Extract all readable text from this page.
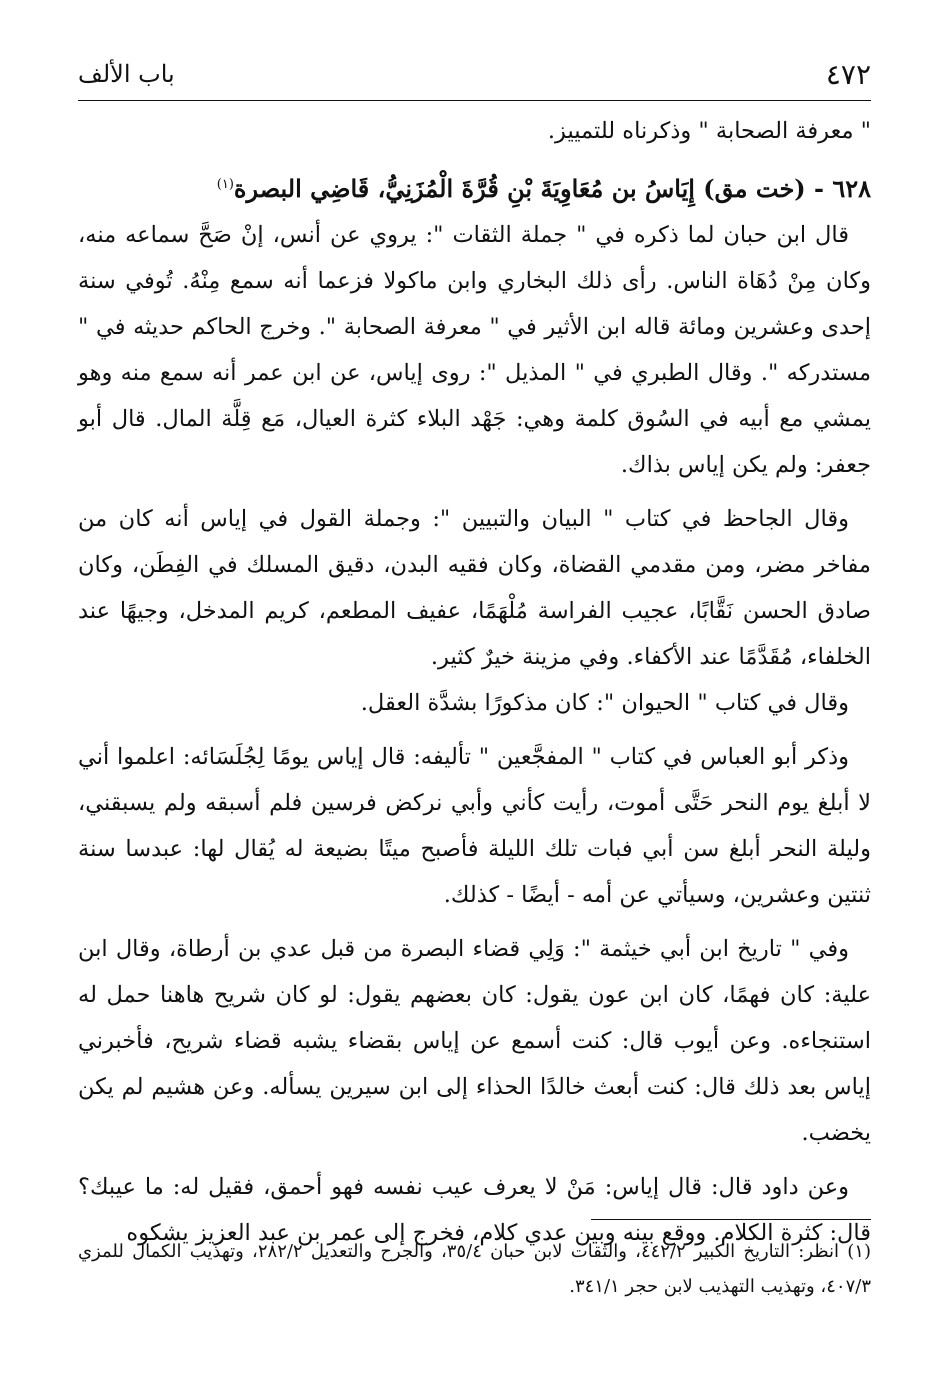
٤٧٢
باب الألف

" معرفة الصحابة " وذكرناه للتمييز.

٦٢٨ - (خت مق) إِيَاسُ بن مُعَاوِيَةَ بْنِ قُرَّةَ الْمُزَنِيُّ، قَاضِي البصرة$^{(١)}$

قال ابن حبان لما ذكره في " جملة الثقات ": يروي عن أنس، إنْ صَحَّ سماعه منه، وكان مِنْ دُهَاة الناس. رأى ذلك البخاري وابن ماكولا فزعما أنه سمع مِنْهُ. تُوفي سنة إحدى وعشرين ومائة قاله ابن الأثير في " معرفة الصحابة ". وخرج الحاكم حديثه في " مستدركه ". وقال الطبري في " المذيل ": روى إياس، عن ابن عمر أنه سمع منه وهو يمشي مع أبيه في السُوق كلمة وهي: جَهْد البلاء كثرة العيال، مَع قِلَّة المال. قال أبو جعفر: ولم يكن إياس بذاك.

وقال الجاحظ في كتاب " البيان والتبيين ": وجملة القول في إياس أنه كان من مفاخر مضر، ومن مقدمي القضاة، وكان فقيه البدن، دقيق المسلك في الفِطَن، وكان صادق الحسن نَقَّابًا، عجيب الفراسة مُلْهَمًا، عفيف المطعم، كريم المدخل، وجيهًا عند الخلفاء، مُقَدَّمًا عند الأكفاء. وفي مزينة خيرٌ كثير.

وقال في كتاب " الحيوان ": كان مذكورًا بشدَّة العقل.

وذكر أبو العباس في كتاب " المفجَّعين " تأليفه: قال إياس يومًا لِجُلَسَائه: اعلموا أني لا أبلغ يوم النحر حَتَّى أموت، رأيت كأني وأبي نركض فرسين فلم أسبقه ولم يسبقني، وليلة النحر أبلغ سن أبي فبات تلك الليلة فأصبح ميتًا بضيعة له يُقال لها: عبدسا سنة ثنتين وعشرين، وسيأتي عن أمه - أيضًا - كذلك.

وفي " تاريخ ابن أبي خيثمة ": وَلِي قضاء البصرة من قبل عدي بن أرطاة، وقال ابن علية: كان فهمًا، كان ابن عون يقول: كان بعضهم يقول: لو كان شريح هاهنا حمل له استنجاءه. وعن أيوب قال: كنت أسمع عن إياس بقضاء يشبه قضاء شريح، فأخبرني إياس بعد ذلك قال: كنت أبعث خالدًا الحذاء إلى ابن سيرين يسأله. وعن هشيم لم يكن يخضب.

وعن داود قال: قال إياس: مَنْ لا يعرف عيب نفسه فهو أحمق، فقيل له: ما عيبك؟ قال: كثرة الكلام. ووقع بينه وبين عدي كلام، فخرج إلى عمر بن عبد العزيز يشكوه

(١) انظر: التاريخ الكبير ٤٤٢/٢، والثقات لابن حبان ٣٥/٤، والجرح والتعديل ٢٨٢/٢، وتهذيب الكمال للمزي ٤٠٧/٣، وتهذيب التهذيب لابن حجر ٣٤١/١.
